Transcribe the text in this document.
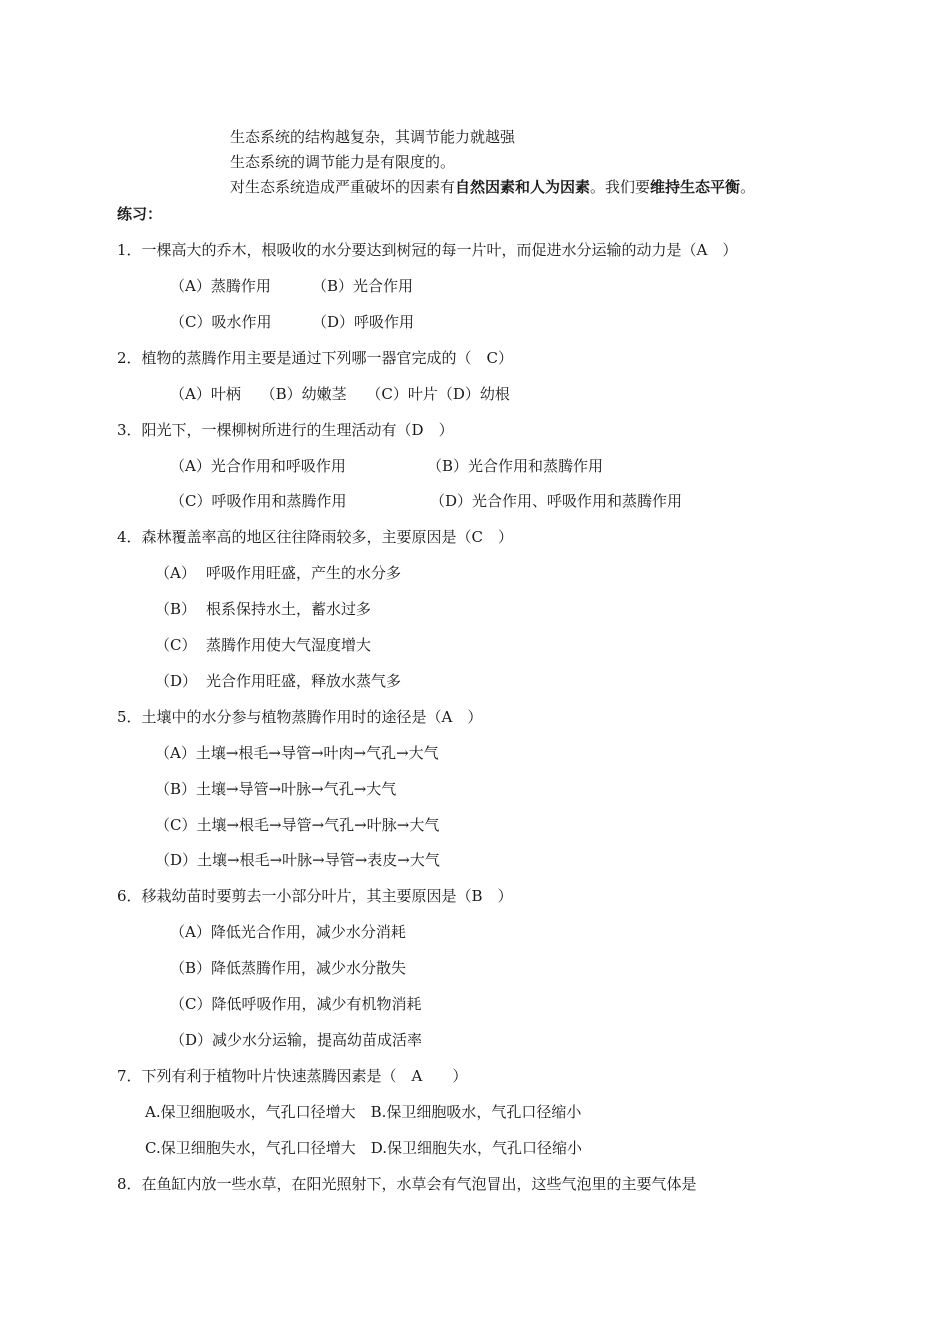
生态系统的结构越复杂，其调节能力就越强
生态系统的调节能力是有限度的。
对生态系统造成严重破坏的因素有自然因素和人为因素。我们要维持生态平衡。
练习：
1．一棵高大的乔木，根吸收的水分要达到树冠的每一片叶，而促进水分运输的动力是（A　）
（A）蒸腾作用	（B）光合作用
（C）吸水作用	（D）呼吸作用
2．植物的蒸腾作用主要是通过下列哪一器官完成的（　C）
（A）叶柄　 （B）幼嫩茎　 （C）叶片（D）幼根
3．阳光下，一棵柳树所进行的生理活动有（D　）
（A）光合作用和呼吸作用	（B）光合作用和蒸腾作用
（C）呼吸作用和蒸腾作用	（D）光合作用、呼吸作用和蒸腾作用
4．森林覆盖率高的地区往往降雨较多，主要原因是（C　）
（A） 呼吸作用旺盛，产生的水分多
（B） 根系保持水土，蓄水过多
（C） 蒸腾作用使大气湿度增大
（D） 光合作用旺盛，释放水蒸气多
5．土壤中的水分参与植物蒸腾作用时的途径是（A　）
（A）土壤→根毛→导管→叶肉→气孔→大气
（B）土壤→导管→叶脉→气孔→大气
（C）土壤→根毛→导管→气孔→叶脉→大气
（D）土壤→根毛→叶脉→导管→表皮→大气
6．移栽幼苗时要剪去一小部分叶片，其主要原因是（B　）
（A）降低光合作用，减少水分消耗
（B）降低蒸腾作用，减少水分散失
（C）降低呼吸作用，减少有机物消耗
（D）减少水分运输，提高幼苗成活率
7．下列有利于植物叶片快速蒸腾因素是（　A　　）
A.保卫细胞吸水，气孔口径增大　B.保卫细胞吸水，气孔口径缩小
C.保卫细胞失水，气孔口径增大　D.保卫细胞失水，气孔口径缩小
8．在鱼缸内放一些水草，在阳光照射下，水草会有气泡冒出，这些气泡里的主要气体是
